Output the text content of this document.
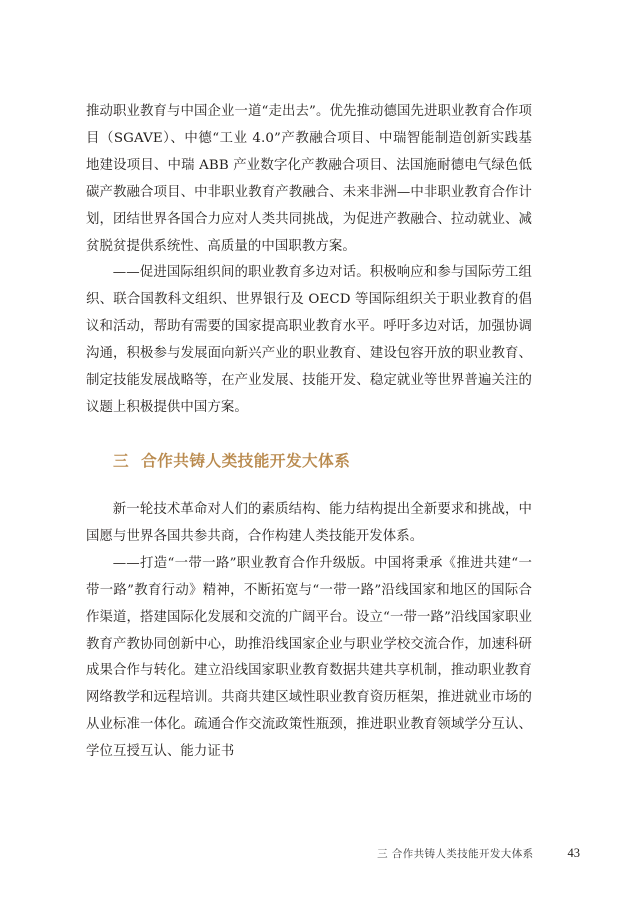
推动职业教育与中国企业一道“走出去”。优先推动德国先进职业教育合作项目（SGAVE）、中德“工业 4.0”产教融合项目、中瑞智能制造创新实践基地建设项目、中瑞 ABB 产业数字化产教融合项目、法国施耐德电气绿色低碳产教融合项目、中非职业教育产教融合、未来非洲—中非职业教育合作计划，团结世界各国合力应对人类共同挑战，为促进产教融合、拉动就业、减贫脱贫提供系统性、高质量的中国职教方案。

——促进国际组织间的职业教育多边对话。积极响应和参与国际劳工组织、联合国教科文组织、世界银行及 OECD 等国际组织关于职业教育的倡议和活动，帮助有需要的国家提高职业教育水平。呼吁多边对话，加强协调沟通，积极参与发展面向新兴产业的职业教育、建设包容开放的职业教育、制定技能发展战略等，在产业发展、技能开发、稳定就业等世界普遍关注的议题上积极提供中国方案。

三 合作共铸人类技能开发大体系

新一轮技术革命对人们的素质结构、能力结构提出全新要求和挑战，中国愿与世界各国共参共商，合作构建人类技能开发体系。

——打造“一带一路”职业教育合作升级版。中国将秉承《推进共建“一带一路”教育行动》精神，不断拓宽与“一带一路”沿线国家和地区的国际合作渠道，搭建国际化发展和交流的广阔平台。设立“一带一路”沿线国家职业教育产教协同创新中心，助推沿线国家企业与职业学校交流合作，加速科研成果合作与转化。建立沿线国家职业教育数据共建共享机制，推动职业教育网络教学和远程培训。共商共建区域性职业教育资历框架，推进就业市场的从业标准一体化。疏通合作交流政策性瓶颈，推进职业教育领域学分互认、学位互授互认、能力证书

三 合作共铸人类技能开发大体系	43
